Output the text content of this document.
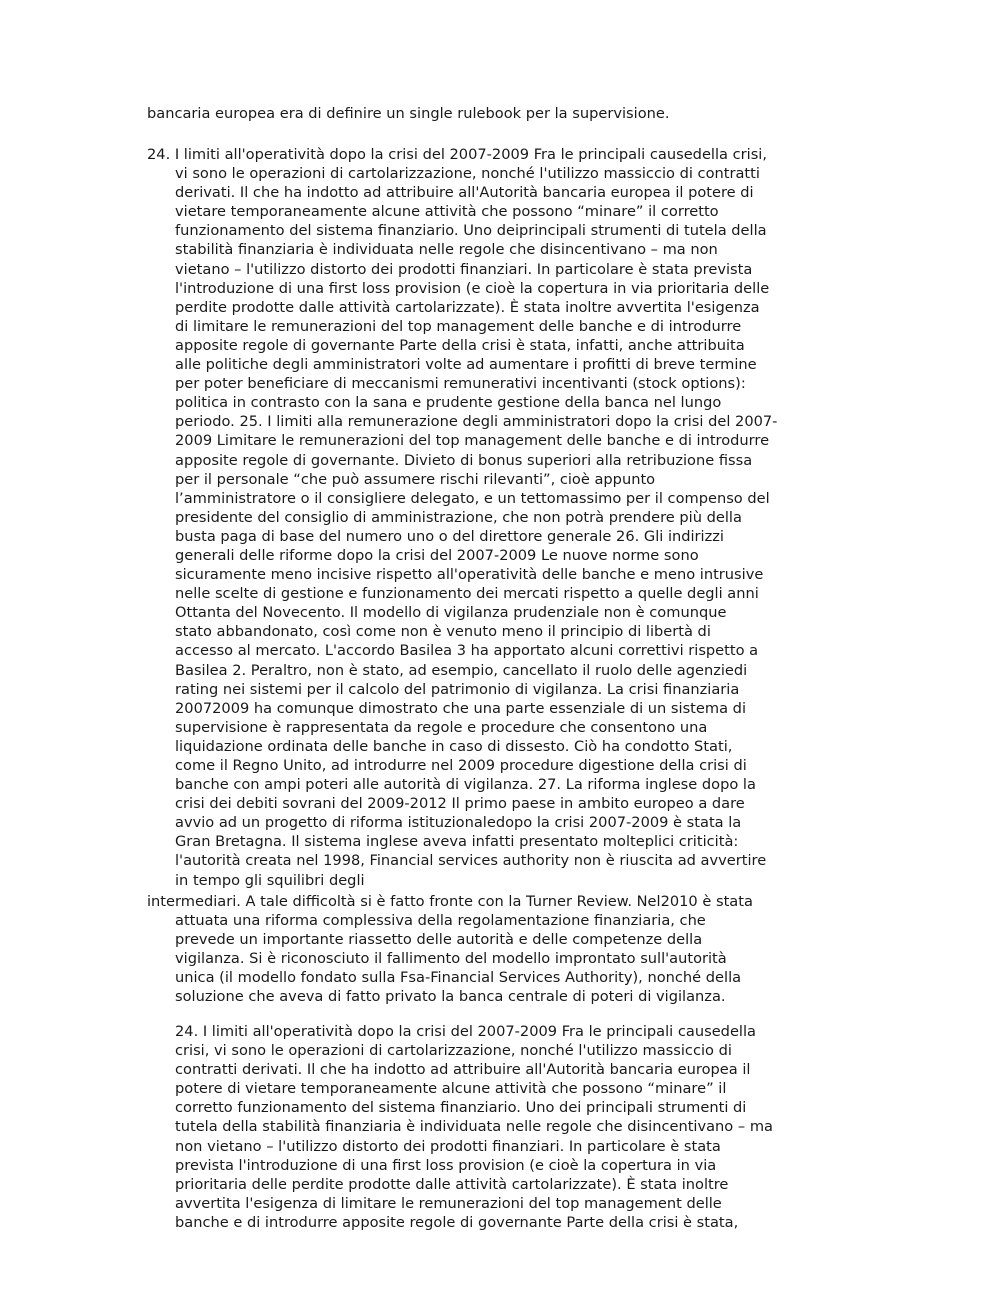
bancaria europea era di definire un single rulebook per la supervisione.
24. I limiti all'operatività dopo la crisi del 2007-2009 Fra le principali causedella crisi,
vi sono le operazioni di cartolarizzazione, nonché l'utilizzo massiccio di contratti
derivati. Il che ha indotto ad attribuire all'Autorità bancaria europea il potere di
vietare temporaneamente alcune attività che possono “minare” il corretto
funzionamento del sistema finanziario. Uno deiprincipali strumenti di tutela della
stabilità finanziaria è individuata nelle regole che disincentivano – ma non
vietano – l'utilizzo distorto dei prodotti finanziari. In particolare è stata prevista
l'introduzione di una first loss provision (e cioè la copertura in via prioritaria delle
perdite prodotte dalle attività cartolarizzate). È stata inoltre avvertita l'esigenza
di limitare le remunerazioni del top management delle banche e di introdurre
apposite regole di governante Parte della crisi è stata, infatti, anche attribuita
alle politiche degli amministratori volte ad aumentare i profitti di breve termine
per poter beneficiare di meccanismi remunerativi incentivanti (stock options):
politica in contrasto con la sana e prudente gestione della banca nel lungo
periodo. 25. I limiti alla remunerazione degli amministratori dopo la crisi del 2007-
2009 Limitare le remunerazioni del top management delle banche e di introdurre
apposite regole di governante. Divieto di bonus superiori alla retribuzione fissa
per il personale “che può assumere rischi rilevanti”, cioè appunto
l’amministratore o il consigliere delegato, e un tettomassimo per il compenso del
presidente del consiglio di amministrazione, che non potrà prendere più della
busta paga di base del numero uno o del direttore generale 26. Gli indirizzi
generali delle riforme dopo la crisi del 2007-2009 Le nuove norme sono
sicuramente meno incisive rispetto all'operatività delle banche e meno intrusive
nelle scelte di gestione e funzionamento dei mercati rispetto a quelle degli anni
Ottanta del Novecento. Il modello di vigilanza prudenziale non è comunque
stato abbandonato, così come non è venuto meno il principio di libertà di
accesso al mercato. L'accordo Basilea 3 ha apportato alcuni correttivi rispetto a
Basilea 2. Peraltro, non è stato, ad esempio, cancellato il ruolo delle agenziedi
rating nei sistemi per il calcolo del patrimonio di vigilanza. La crisi finanziaria
20072009 ha comunque dimostrato che una parte essenziale di un sistema di
supervisione è rappresentata da regole e procedure che consentono una
liquidazione ordinata delle banche in caso di dissesto. Ciò ha condotto Stati,
come il Regno Unito, ad introdurre nel 2009 procedure digestione della crisi di
banche con ampi poteri alle autorità di vigilanza. 27. La riforma inglese dopo la
crisi dei debiti sovrani del 2009-2012 Il primo paese in ambito europeo a dare
avvio ad un progetto di riforma istituzionaledopo la crisi 2007-2009 è stata la
Gran Bretagna. Il sistema inglese aveva infatti presentato molteplici criticità:
l'autorità creata nel 1998, Financial services authority non è riuscita ad avvertire
in tempo gli squilibri degli
intermediari. A tale difficoltà si è fatto fronte con la Turner Review. Nel2010 è stata
attuata una riforma complessiva della regolamentazione finanziaria, che
prevede un importante riassetto delle autorità e delle competenze della
vigilanza. Si è riconosciuto il fallimento del modello improntato sull'autorità
unica (il modello fondato sulla Fsa-Financial Services Authority), nonché della
soluzione che aveva di fatto privato la banca centrale di poteri di vigilanza.
24. I limiti all'operatività dopo la crisi del 2007-2009 Fra le principali causedella
crisi, vi sono le operazioni di cartolarizzazione, nonché l'utilizzo massiccio di
contratti derivati. Il che ha indotto ad attribuire all'Autorità bancaria europea il
potere di vietare temporaneamente alcune attività che possono “minare” il
corretto funzionamento del sistema finanziario. Uno dei principali strumenti di
tutela della stabilità finanziaria è individuata nelle regole che disincentivano – ma
non vietano – l'utilizzo distorto dei prodotti finanziari. In particolare è stata
prevista l'introduzione di una first loss provision (e cioè la copertura in via
prioritaria delle perdite prodotte dalle attività cartolarizzate). È stata inoltre
avvertita l'esigenza di limitare le remunerazioni del top management delle
banche e di introdurre apposite regole di governante Parte della crisi è stata,
